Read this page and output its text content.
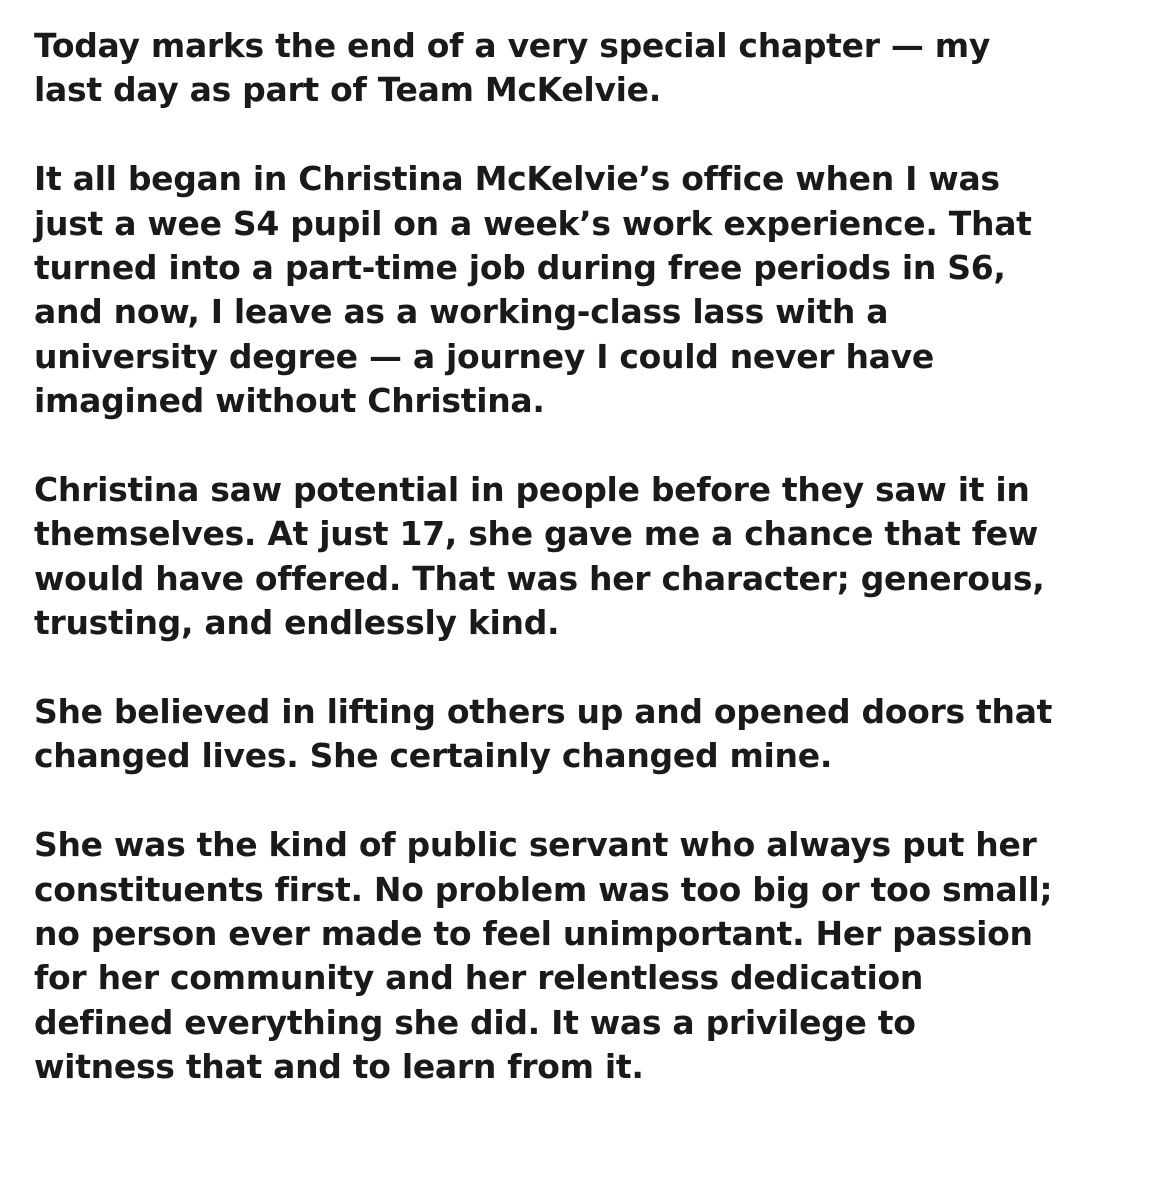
Today marks the end of a very special chapter — my
last day as part of Team McKelvie.

It all began in Christina McKelvie’s office when I was
just a wee S4 pupil on a week’s work experience. That
turned into a part-time job during free periods in S6,
and now, I leave as a working-class lass with a
university degree — a journey I could never have
imagined without Christina.

Christina saw potential in people before they saw it in
themselves. At just 17, she gave me a chance that few
would have offered. That was her character; generous,
trusting, and endlessly kind.

She believed in lifting others up and opened doors that
changed lives. She certainly changed mine.

She was the kind of public servant who always put her
constituents first. No problem was too big or too small;
no person ever made to feel unimportant. Her passion
for her community and her relentless dedication
defined everything she did. It was a privilege to
witness that and to learn from it.
